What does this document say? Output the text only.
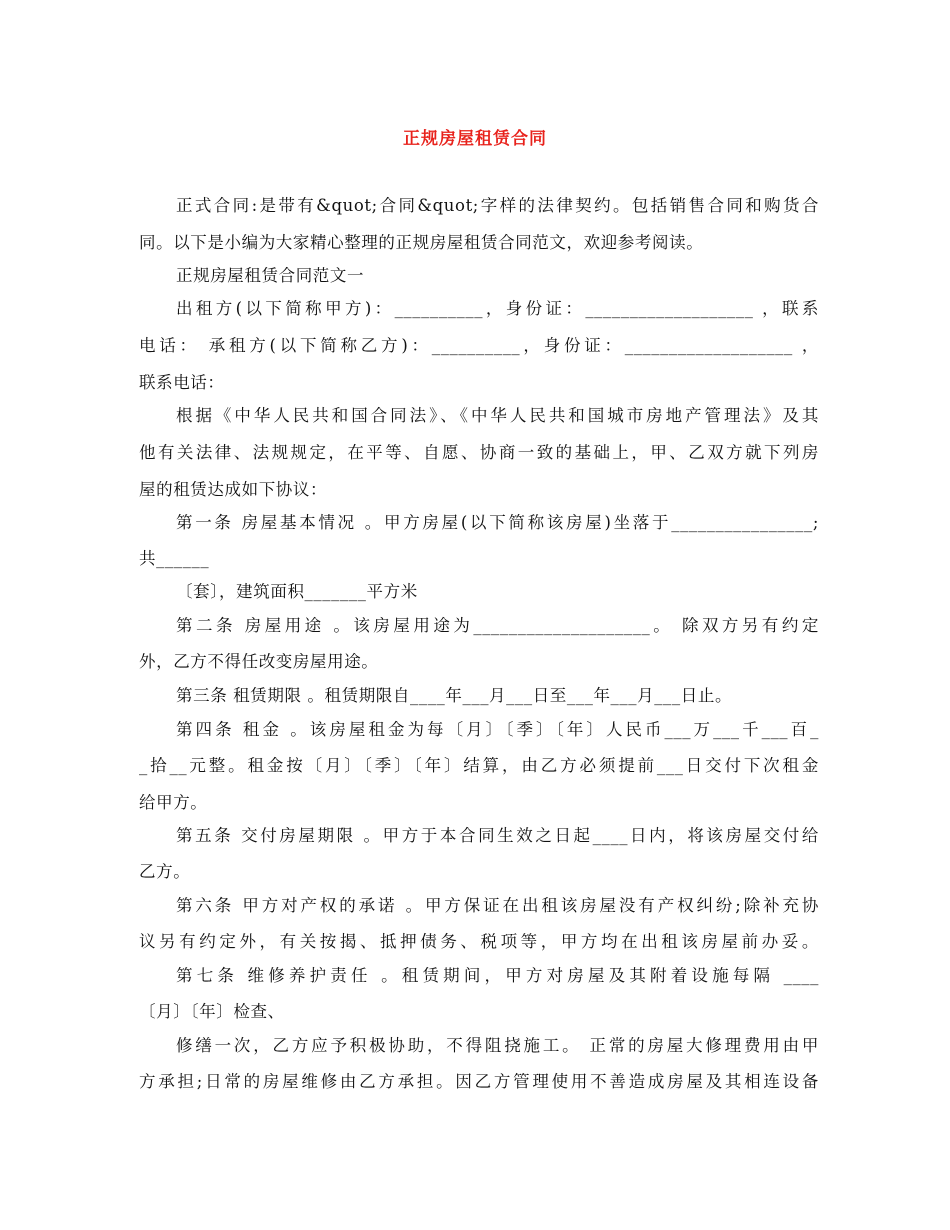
正规房屋租赁合同
正式合同:是带有&quot;合同&quot;字样的法律契约。包括销售合同和购货合
同。以下是小编为大家精心整理的正规房屋租赁合同范文，欢迎参考阅读。
正规房屋租赁合同范文一
出租方(以下简称甲方)：__________，身份证：___________________ ，联系
电话： 承租方(以下简称乙方)：__________，身份证：___________________ ，
联系电话：
根据《中华人民共和国合同法》、《中华人民共和国城市房地产管理法》及其
他有关法律、法规规定，在平等、自愿、协商一致的基础上，甲、乙双方就下列房
屋的租赁达成如下协议：
第一条 房屋基本情况 。甲方房屋(以下简称该房屋)坐落于________________;
共______
〔套〕，建筑面积_______平方米
第二条 房屋用途 。该房屋用途为____________________。 除双方另有约定
外，乙方不得任改变房屋用途。
第三条 租赁期限 。租赁期限自____年___月___日至___年___月___日止。
第四条 租金 。该房屋租金为每〔月〕〔季〕〔年〕人民币___万___千___百_
_拾__元整。租金按〔月〕〔季〕〔年〕结算，由乙方必须提前___日交付下次租金
给甲方。
第五条 交付房屋期限 。甲方于本合同生效之日起____日内，将该房屋交付给
乙方。
第六条 甲方对产权的承诺 。甲方保证在出租该房屋没有产权纠纷;除补充协
议另有约定外，有关按揭、抵押债务、税项等，甲方均在出租该房屋前办妥。
第七条 维修养护责任 。租赁期间，甲方对房屋及其附着设施每隔 ____
〔月〕〔年〕检查、
修缮一次，乙方应予积极协助，不得阻挠施工。 正常的房屋大修理费用由甲
方承担;日常的房屋维修由乙方承担。因乙方管理使用不善造成房屋及其相连设备
